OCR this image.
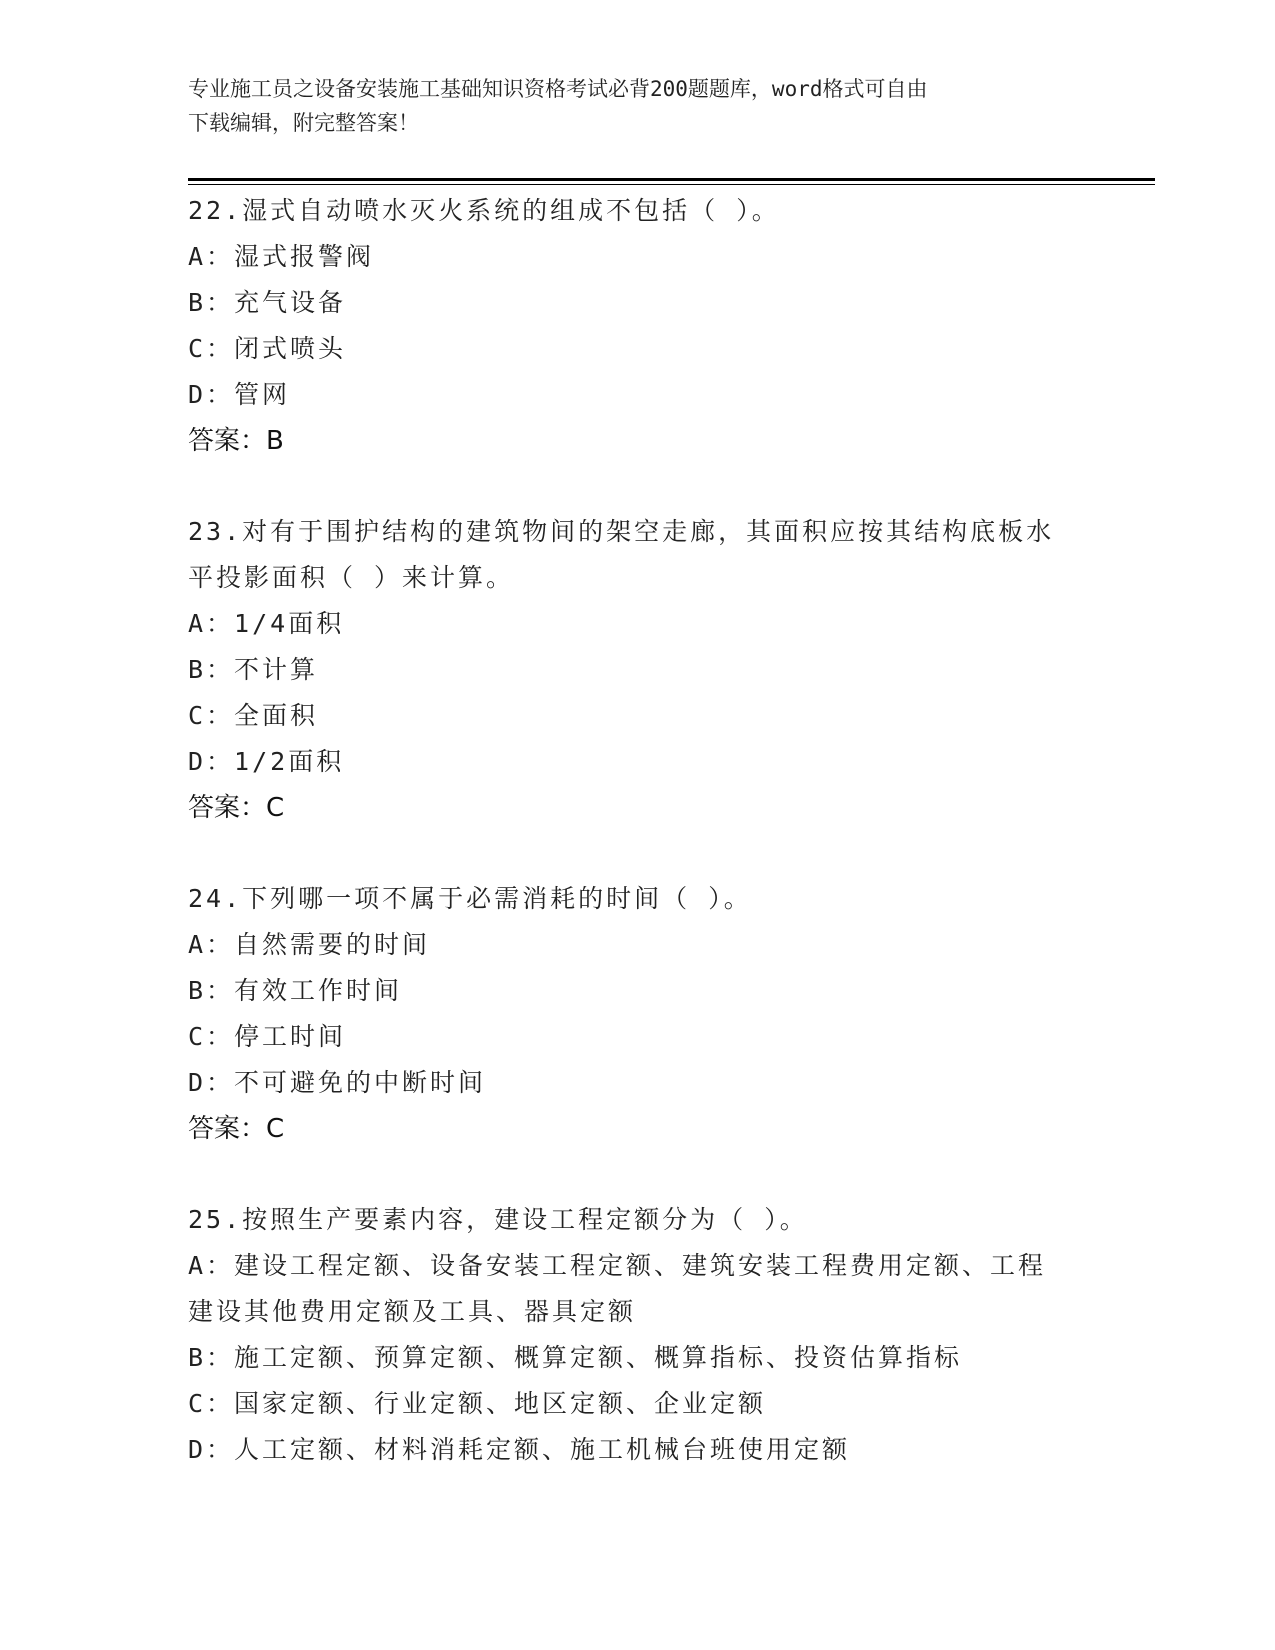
专业施工员之设备安装施工基础知识资格考试必背200题题库，word格式可自由
下载编辑，附完整答案！
22.湿式自动喷水灭火系统的组成不包括（ ）。
A：湿式报警阀
B：充气设备
C：闭式喷头
D：管网
答案：B
23.对有于围护结构的建筑物间的架空走廊，其面积应按其结构底板水
平投影面积（ ）来计算。
A：1/4面积
B：不计算
C：全面积
D：1/2面积
答案：C
24.下列哪一项不属于必需消耗的时间（ ）。
A：自然需要的时间
B：有效工作时间
C：停工时间
D：不可避免的中断时间
答案：C
25.按照生产要素内容，建设工程定额分为（ ）。
A：建设工程定额、设备安装工程定额、建筑安装工程费用定额、工程
建设其他费用定额及工具、器具定额
B：施工定额、预算定额、概算定额、概算指标、投资估算指标
C：国家定额、行业定额、地区定额、企业定额
D：人工定额、材料消耗定额、施工机械台班使用定额
